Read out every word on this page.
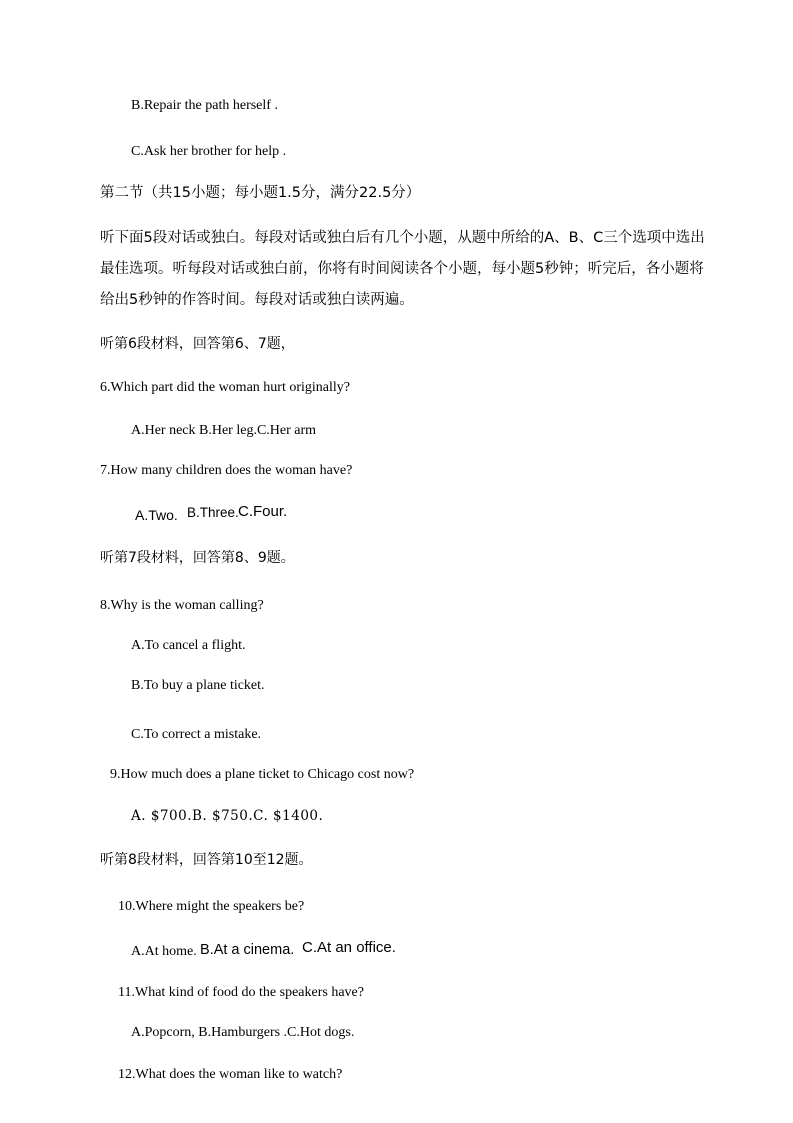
B.Repair the path herself .
C.Ask her brother for help .
第二节（共15小题；每小题1.5分，满分22.5分）
听下面5段对话或独白。每段对话或独白后有几个小题，从题中所给的A、B、C三个选项中选出最佳选项。听每段对话或独白前，你将有时间阅读各个小题，每小题5秒钟；听完后，各小题将给出5秒钟的作答时间。每段对话或独白读两遍。
听第6段材料，回答第6、7题，
6.Which part did the woman hurt originally?
A.Her neck B.Her leg.C.Her arm
7.How many children does the woman have?
A.Two. B.Three. C.Four.
听第7段材料，回答第8、9题。
8.Why is the woman calling?
A.To cancel a flight.
B.To buy a plane ticket.
C.To correct a mistake.
9.How much does a plane ticket to Chicago cost now?
A. $700.B. $750.C. $1400.
听第8段材料，回答第10至12题。
10.Where might the speakers be?
A.At home. B.At a cinema. C.At an office.
11.What kind of food do the speakers have?
A.Popcorn, B.Hamburgers .C.Hot dogs.
12.What does the woman like to watch?
